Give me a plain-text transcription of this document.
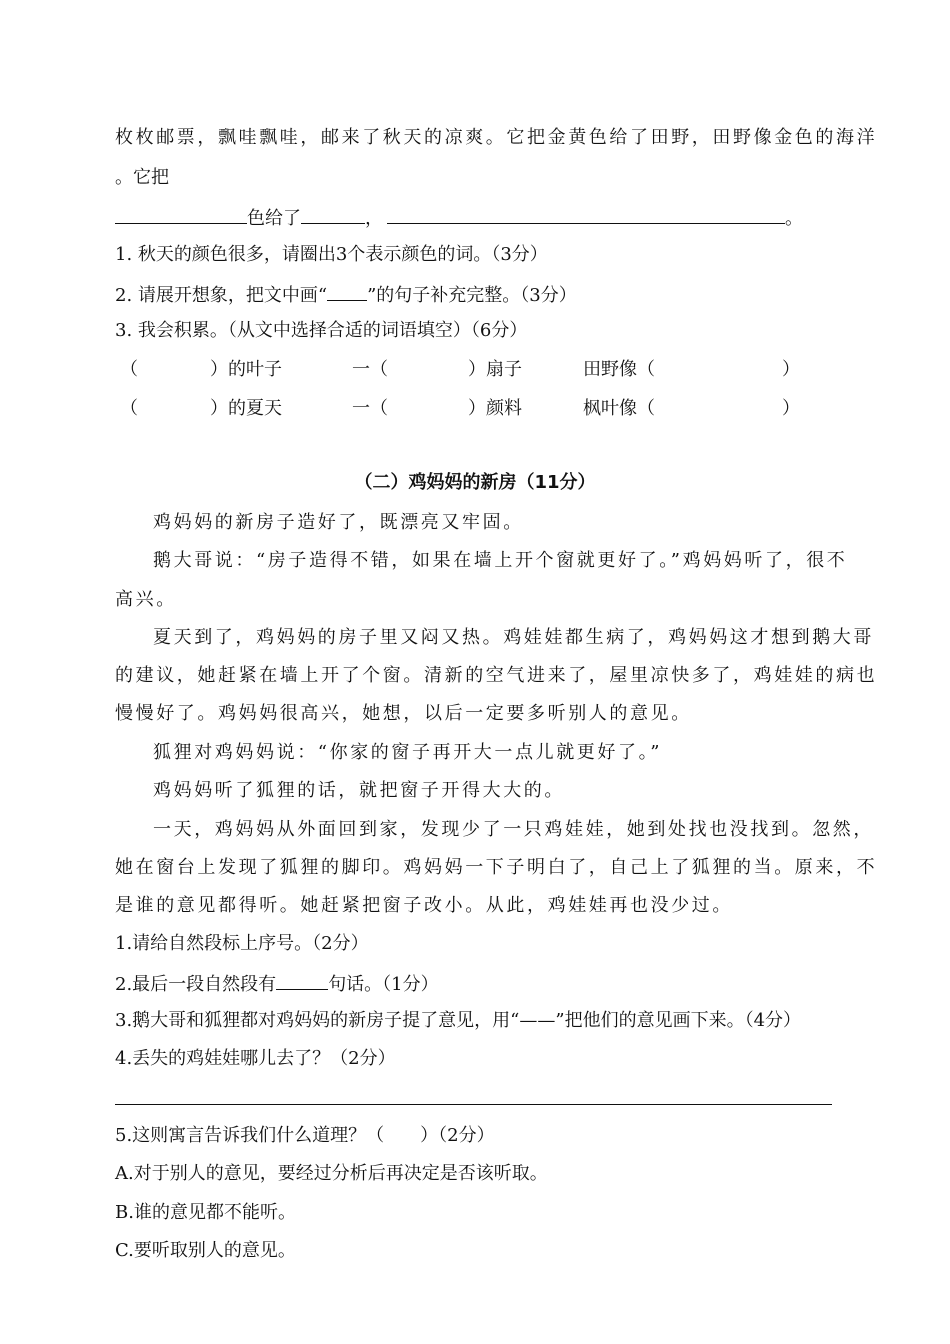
枚枚邮票，飘哇飘哇，邮来了秋天的凉爽。它把金黄色给了田野，田野像金色的海洋
。它把
色给了	，	。
1. 秋天的颜色很多，请圈出3个表示颜色的词。（3分）
2. 请展开想象，把文中画“ ”的句子补充完整。（3分）
3. 我会积累。（从文中选择合适的词语填空）（6分）
（	）的叶子	一（	）扇子	田野像（	）
（	）的夏天	一（	）颜料	枫叶像（	）
（二）鸡妈妈的新房（11分）
鸡妈妈的新房子造好了，既漂亮又牢固。
鹅大哥说：“房子造得不错，如果在墙上开个窗就更好了。”鸡妈妈听了，很不
高兴。
夏天到了，鸡妈妈的房子里又闷又热。鸡娃娃都生病了，鸡妈妈这才想到鹅大哥
的建议，她赶紧在墙上开了个窗。清新的空气进来了，屋里凉快多了，鸡娃娃的病也
慢慢好了。鸡妈妈很高兴，她想，以后一定要多听别人的意见。
狐狸对鸡妈妈说：“你家的窗子再开大一点儿就更好了。”
鸡妈妈听了狐狸的话，就把窗子开得大大的。
一天，鸡妈妈从外面回到家，发现少了一只鸡娃娃，她到处找也没找到。忽然，
她在窗台上发现了狐狸的脚印。鸡妈妈一下子明白了，自己上了狐狸的当。原来，不
是谁的意见都得听。她赶紧把窗子改小。从此，鸡娃娃再也没少过。
1.请给自然段标上序号。（2分）
2.最后一段自然段有	句话。（1分）
3.鹅大哥和狐狸都对鸡妈妈的新房子提了意见，用“——”把他们的意见画下来。（4分）
4.丢失的鸡娃娃哪儿去了？（2分）
5.这则寓言告诉我们什么道理？（　　）（2分）
A.对于别人的意见，要经过分析后再决定是否该听取。
B.谁的意见都不能听。
C.要听取别人的意见。
